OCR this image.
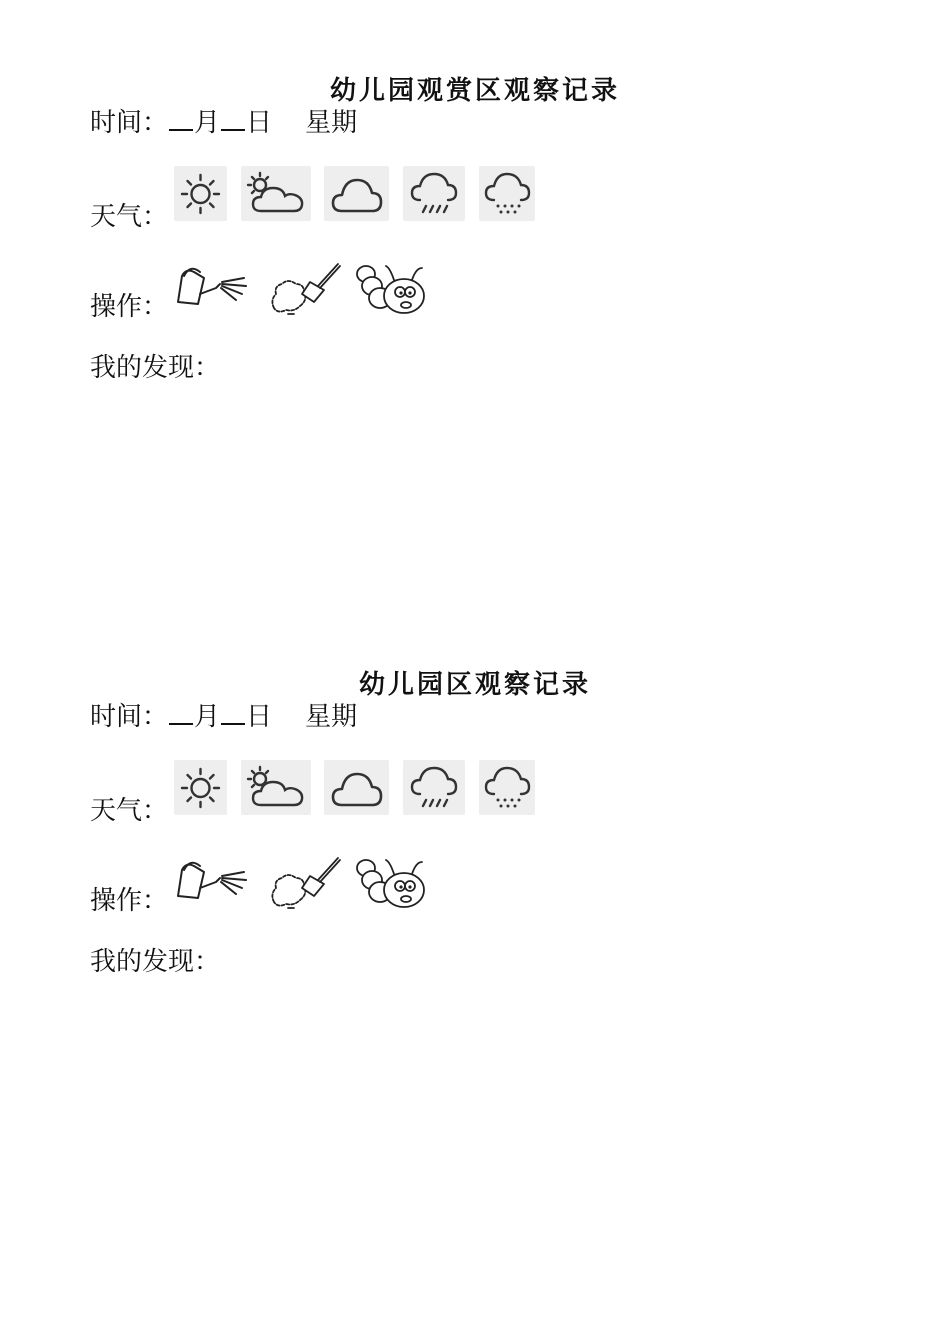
幼儿园观赏区观察记录
时间： 月 日 星期
天气：
操作：
我的发现：
幼儿园区观察记录
时间： 月 日 星期
天气：
操作：
我的发现：
